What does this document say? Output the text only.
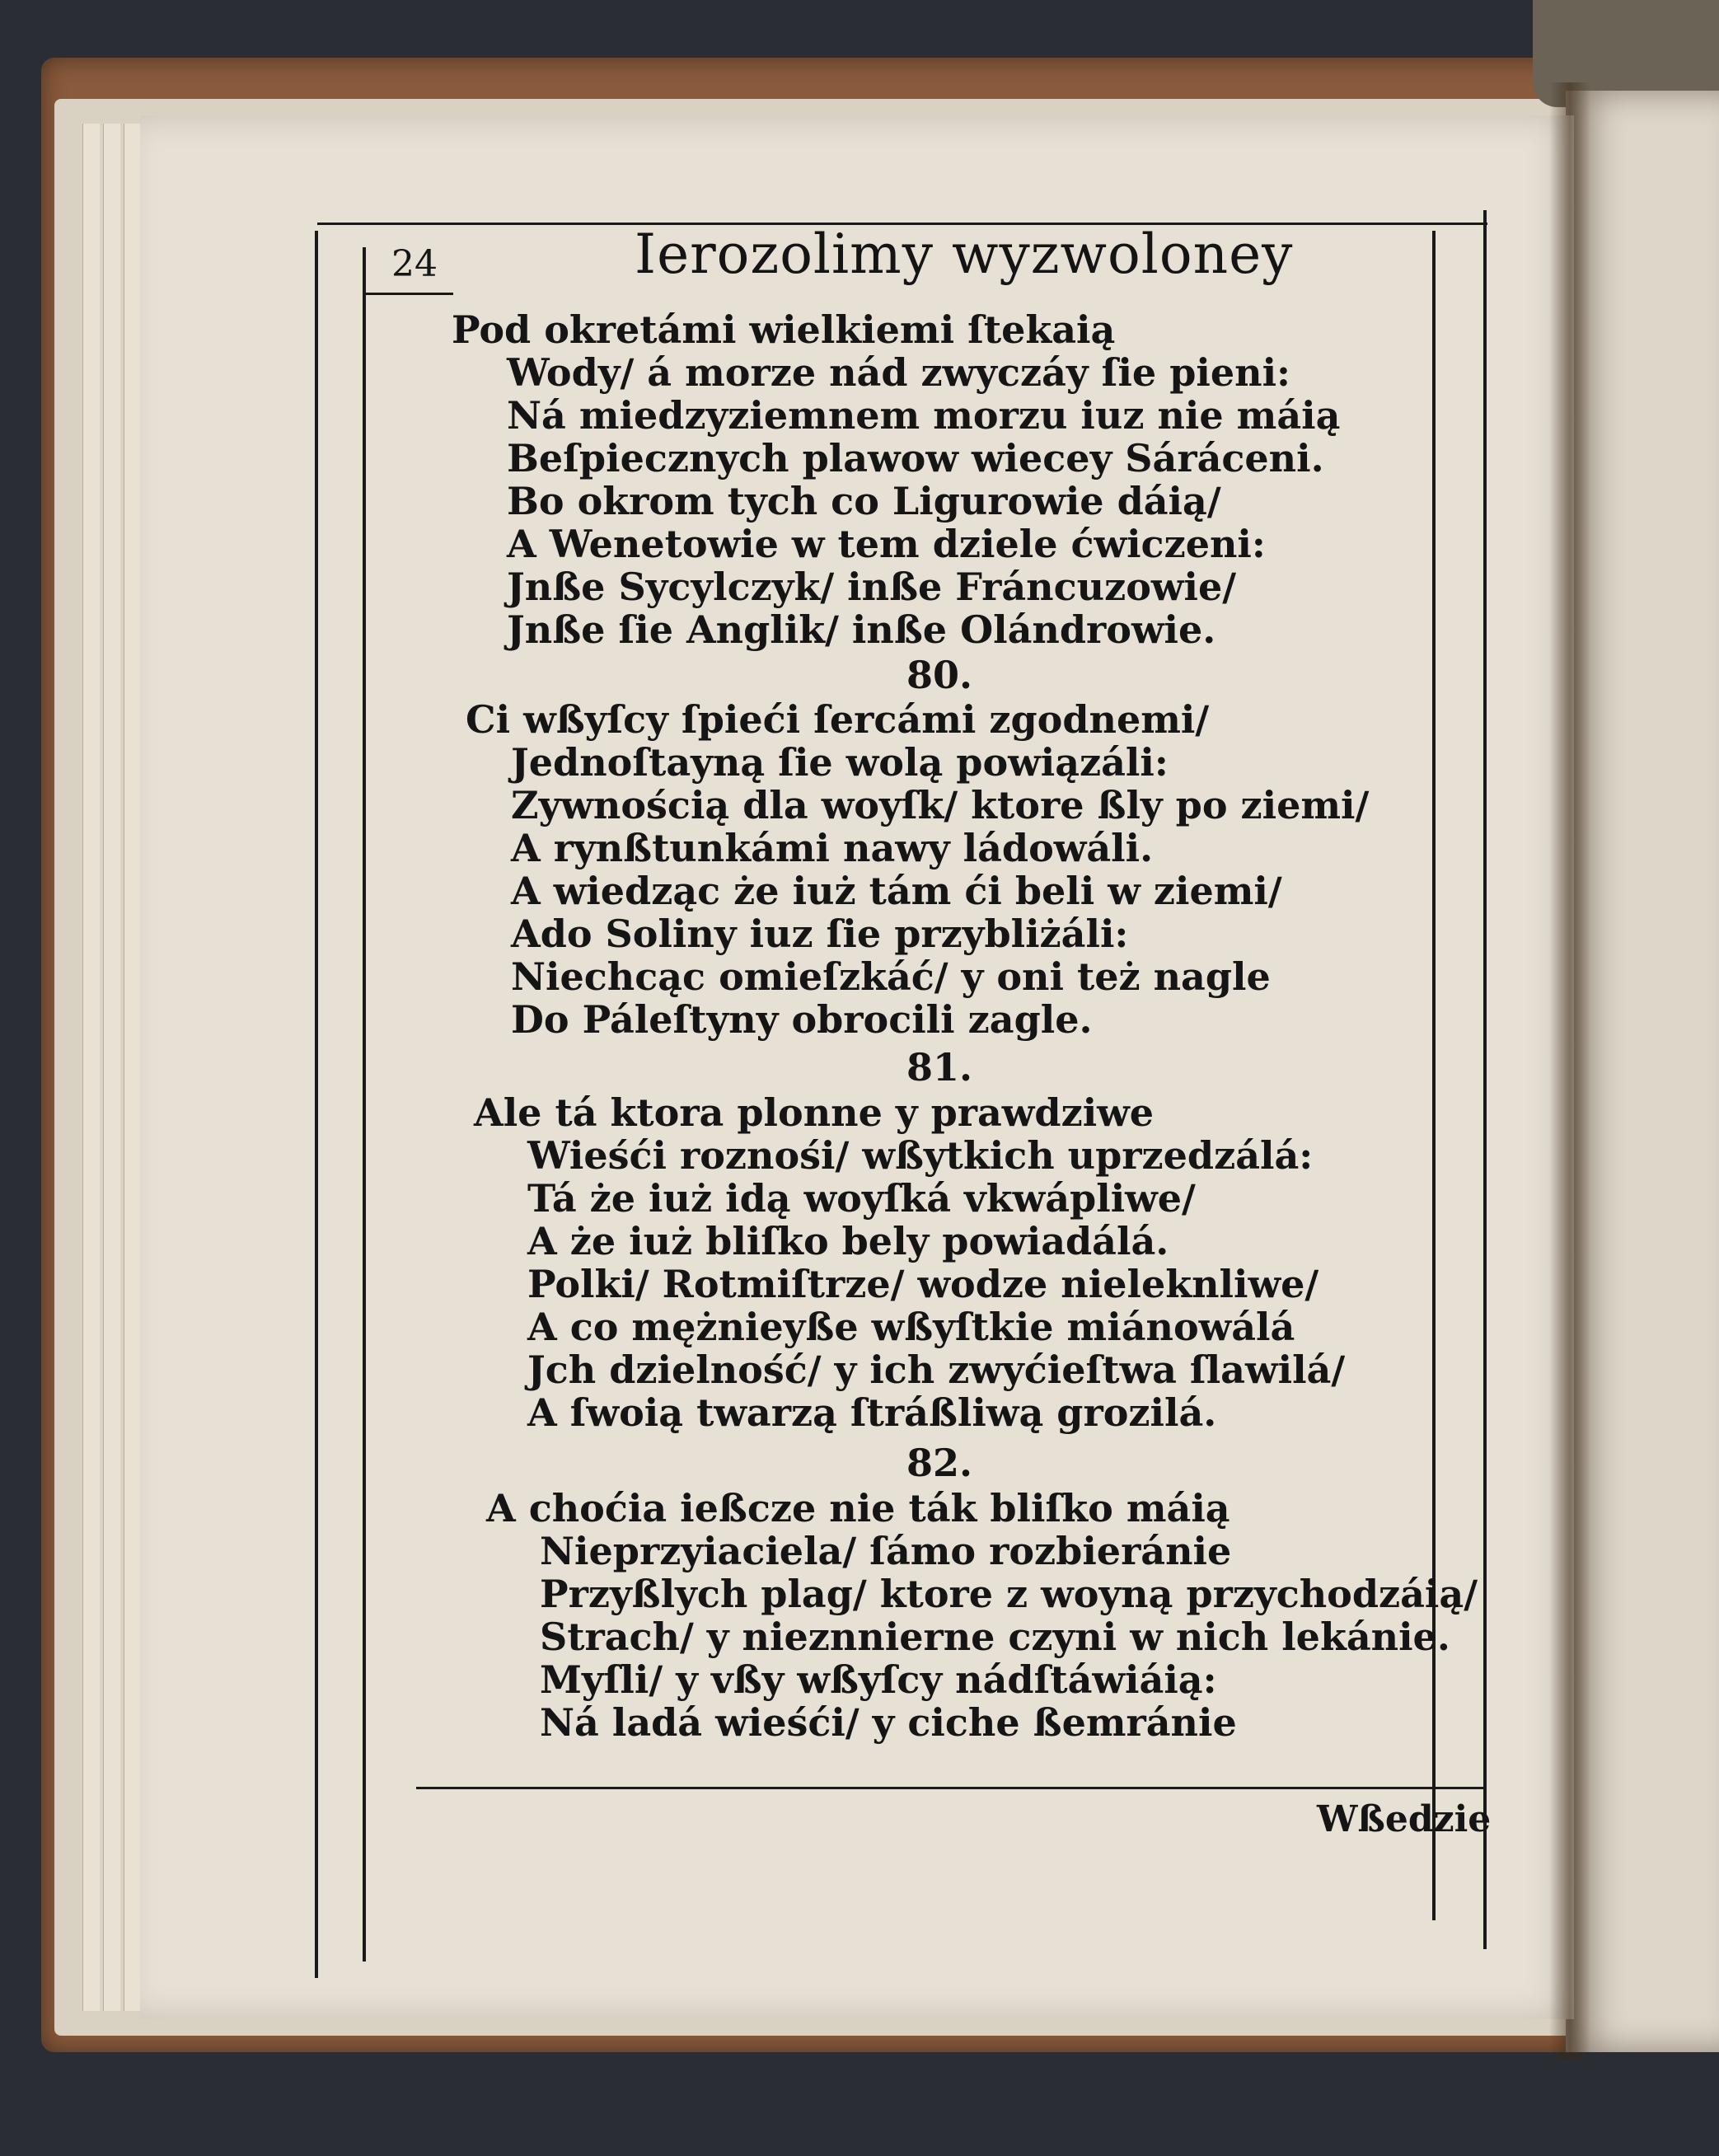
24	Ierozolimy wyzwoloney
Pod okretámi wielkiemi ſtekaią
Wody/ á morze nád zwyczáy ſie pieni:
Ná miedzyziemnem morzu iuz nie máią
Beſpiecznych plawow wiecey Sáráceni.
Bo okrom tych co Ligurowie dáią/
A Wenetowie w tem dziele ćwiczeni:
Jnße Sycylczyk/ inße Fráncuzowie/
Jnße ſie Anglik/ inße Olándrowie.
80.
Ci wßyſcy ſpieći ſercámi zgodnemi/
Jednoſtayną ſie wolą powiązáli:
Zywnością dla woyſk/ ktore ßly po ziemi/
A rynßtunkámi nawy ládowáli.
A wiedząc że iuż tám ći beli w ziemi/
Ado Soliny iuz ſie przybliżáli:
Niechcąc omieſzkáć/ y oni też nagle
Do Páleſtyny obrocili zagle.
81.
Ale tá ktora plonne y prawdziwe
Wieśći roznośi/ wßytkich uprzedzálá:
Tá że iuż idą woyſká vkwápliwe/
A że iuż bliſko bely powiadálá.
Polki/ Rotmiſtrze/ wodze nieleknliwe/
A co mężnieyße wßyſtkie miánowálá
Jch dzielność/ y ich zwyćieſtwa ſlawilá/
A ſwoią twarzą ſtráßliwą grozilá.
82.
A choćia ießcze nie ták bliſko máią
Nieprzyiaciela/ ſámo rozbieránie
Przyßlych plag/ ktore z woyną przychodzáią/
Strach/ y nieznnierne czyni w nich lekánie.
Myſli/ y vßy wßyſcy nádſtáwiáią:
Ná ladá wieśći/ y ciche ßemránie
Wßedzie
